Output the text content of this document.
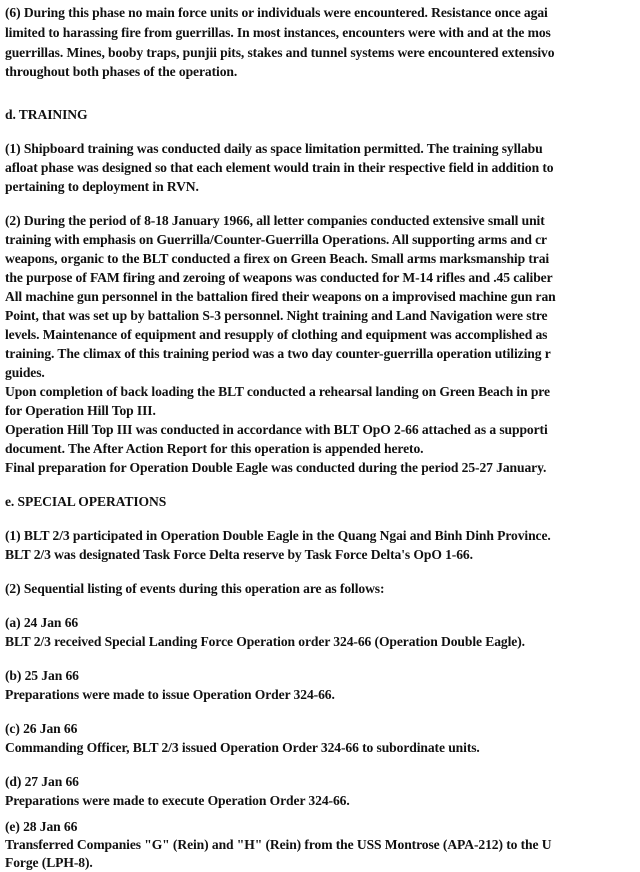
(6) During this phase no main force units or individuals were encountered. Resistance once agai
limited to harassing fire from guerrillas. In most instances, encounters were with and at the mos
guerrillas. Mines, booby traps, punjii pits, stakes and tunnel systems were encountered extensivo
throughout both phases of the operation.
d. TRAINING
(1) Shipboard training was conducted daily as space limitation permitted. The training syllabu
afloat phase was designed so that each element would train in their respective field in addition to
pertaining to deployment in RVN.
(2) During the period of 8-18 January 1966, all letter companies conducted extensive small unit
training with emphasis on Guerrilla/Counter-Guerrilla Operations. All supporting arms and cr
weapons, organic to the BLT conducted a firex on Green Beach. Small arms marksmanship trai
the purpose of FAM firing and zeroing of weapons was conducted for M-14 rifles and .45 caliber
All machine gun personnel in the battalion fired their weapons on a improvised machine gun ran
Point, that was set up by battalion S-3 personnel. Night training and Land Navigation were stre
levels. Maintenance of equipment and resupply of clothing and equipment was accomplished as
training. The climax of this training period was a two day counter-guerrilla operation utilizing r
guides.
Upon completion of back loading the BLT conducted a rehearsal landing on Green Beach in pre
for Operation Hill Top III.
Operation Hill Top III was conducted in accordance with BLT OpO 2-66 attached as a supporti
document. The After Action Report for this operation is appended hereto.
Final preparation for Operation Double Eagle was conducted during the period 25-27 January.
e. SPECIAL OPERATIONS
(1) BLT 2/3 participated in Operation Double Eagle in the Quang Ngai and Binh Dinh Province.
BLT 2/3 was designated Task Force Delta reserve by Task Force Delta's OpO 1-66.
(2) Sequential listing of events during this operation are as follows:
(a) 24 Jan 66
BLT 2/3 received Special Landing Force Operation order 324-66 (Operation Double Eagle).
(b) 25 Jan 66
Preparations were made to issue Operation Order 324-66.
(c) 26 Jan 66
Commanding Officer, BLT 2/3 issued Operation Order 324-66 to subordinate units.
(d) 27 Jan 66
Preparations were made to execute Operation Order 324-66.
(e) 28 Jan 66
Transferred Companies "G" (Rein) and "H" (Rein) from the USS Montrose (APA-212) to the U
Forge (LPH-8).
